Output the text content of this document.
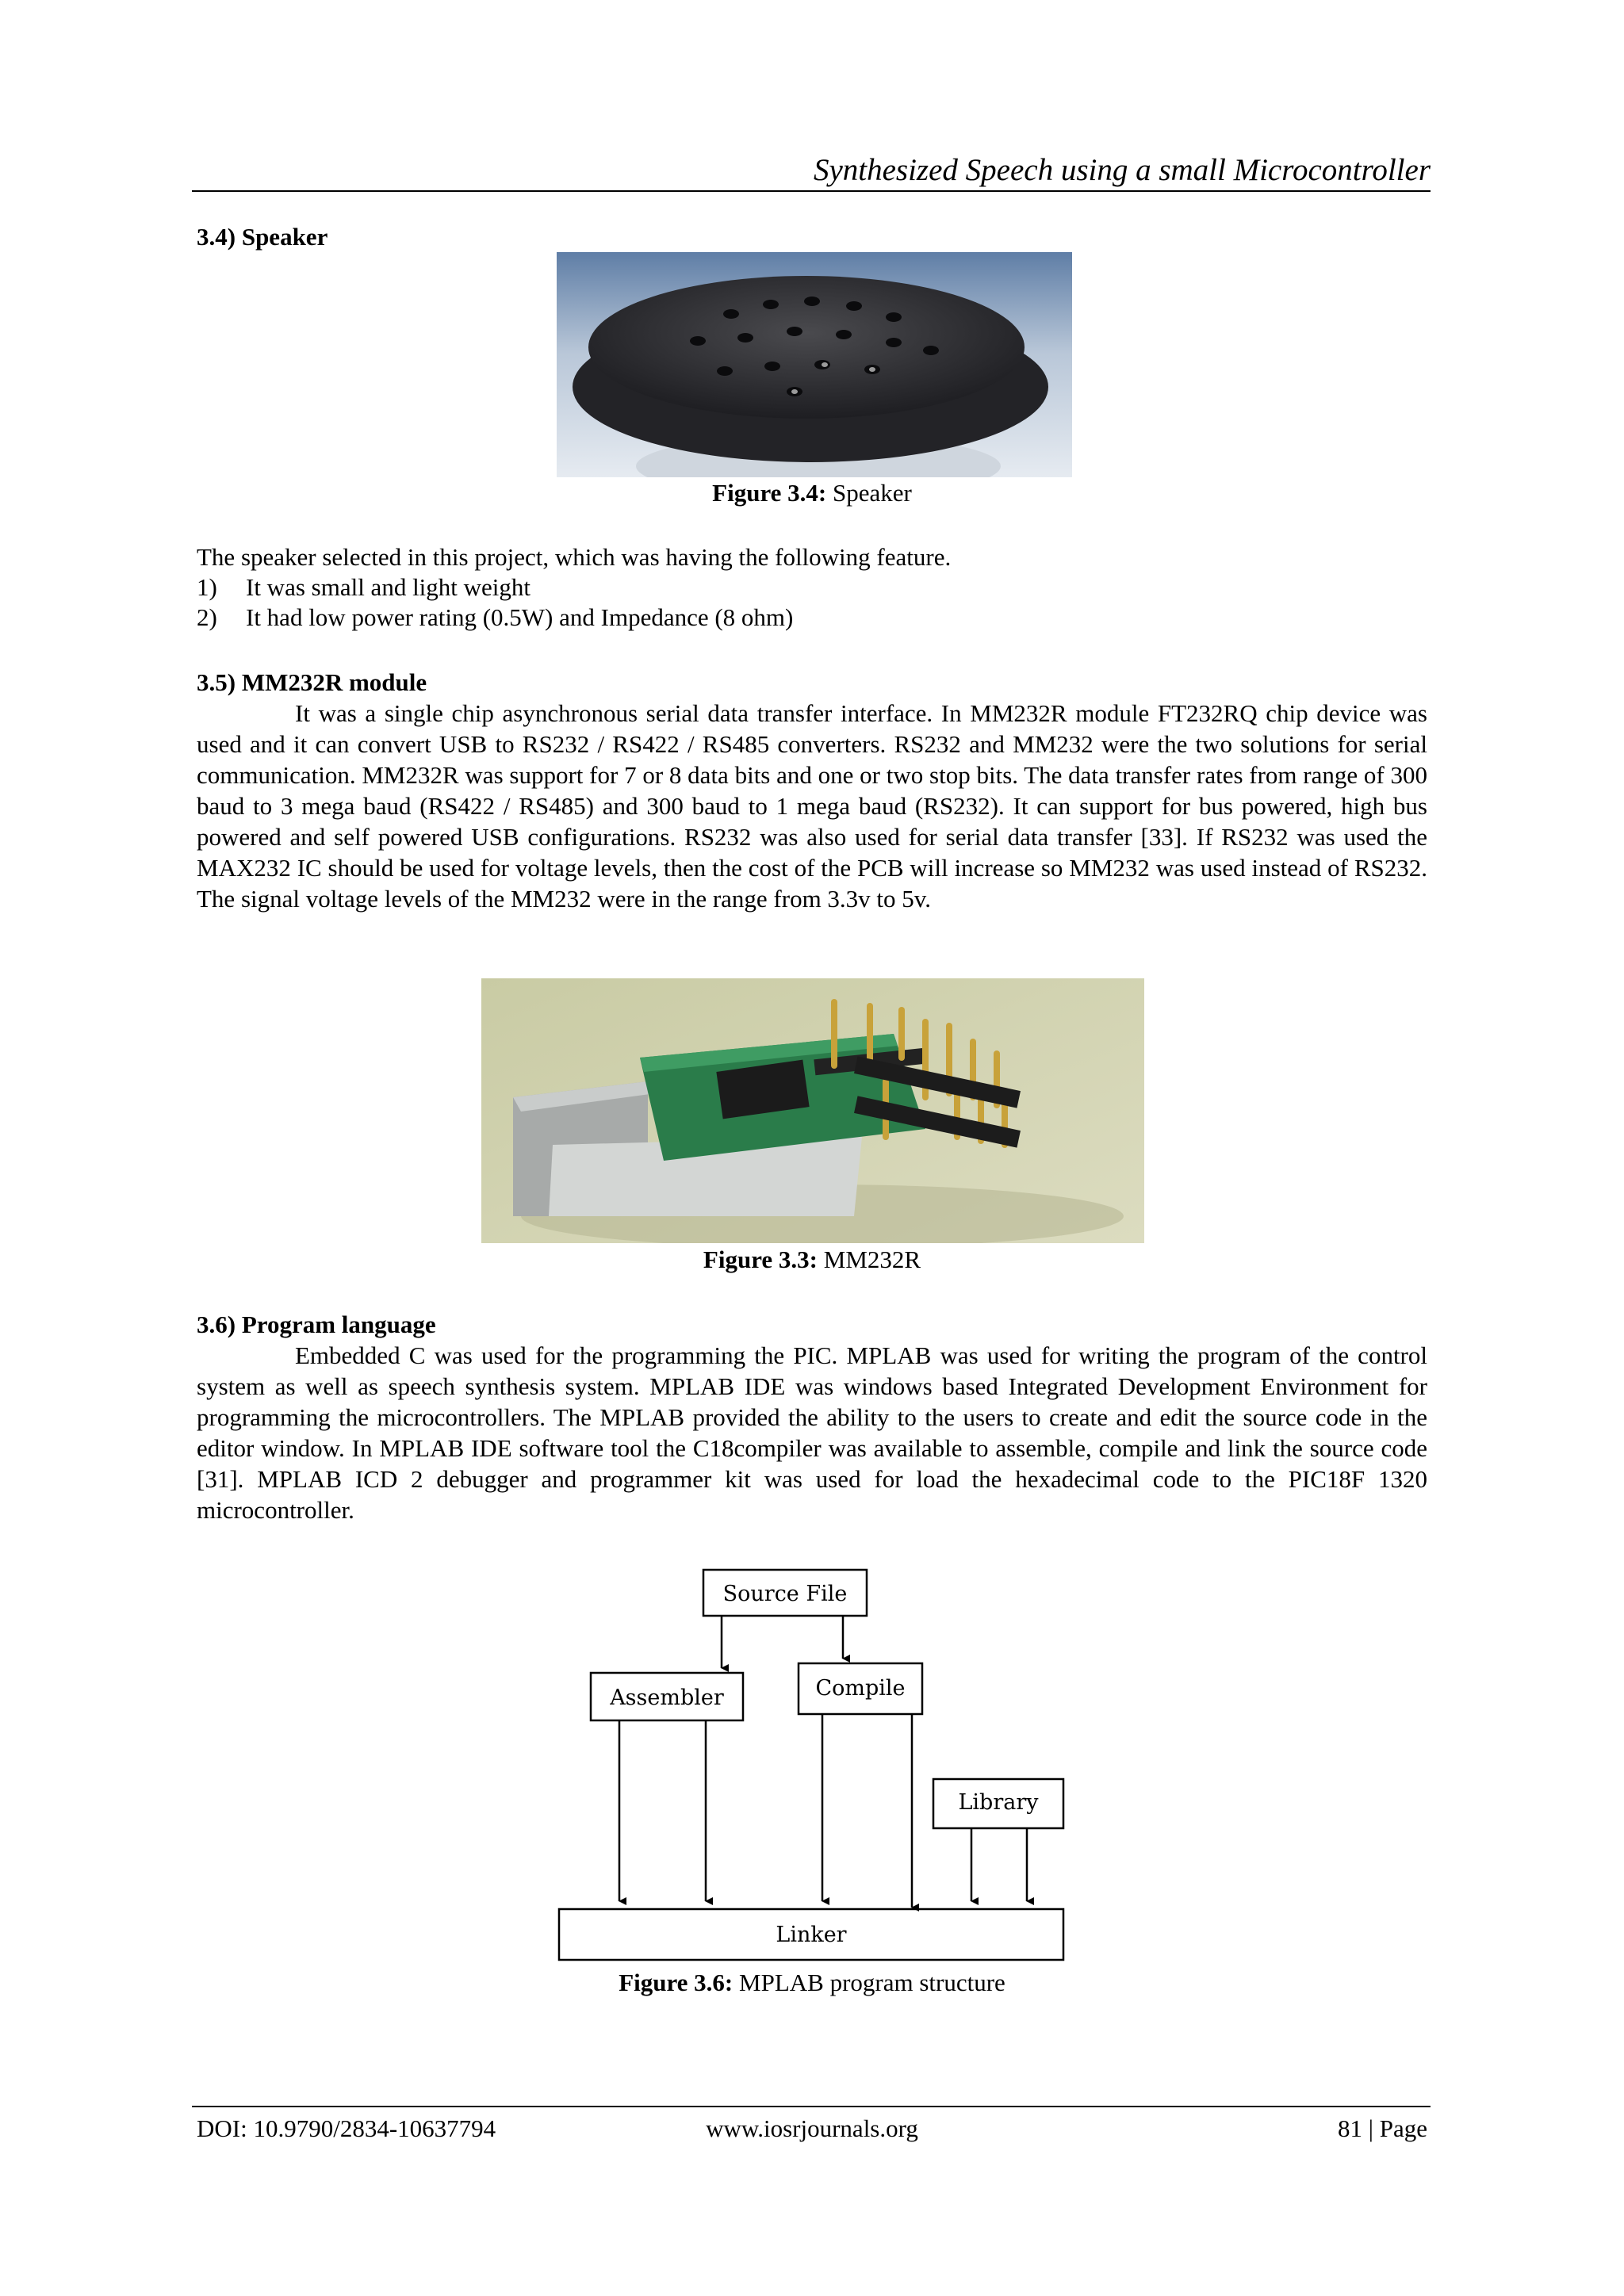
Synthesized Speech using a small Microcontroller
3.4) Speaker
Figure 3.4: Speaker
The speaker selected in this project, which was having the following feature.
1) It was small and light weight
2) It had low power rating (0.5W) and Impedance (8 ohm)
3.5) MM232R module

It was a single chip asynchronous serial data transfer interface. In MM232R module FT232RQ chip device was used and it can convert USB to RS232 / RS422 / RS485 converters. RS232 and MM232 were the two solutions for serial communication. MM232R was support for 7 or 8 data bits and one or two stop bits. The data transfer rates from range of 300 baud to 3 mega baud (RS422 / RS485) and 300 baud to 1 mega baud (RS232). It can support for bus powered, high bus powered and self powered USB configurations. RS232 was also used for serial data transfer [33]. If RS232 was used the MAX232 IC should be used for voltage levels, then the cost of the PCB will increase so MM232 was used instead of RS232. The signal voltage levels of the MM232 were in the range from 3.3v to 5v.

Figure 3.3: MM232R
3.6) Program language

Embedded C was used for the programming the PIC. MPLAB was used for writing the program of the control system as well as speech synthesis system. MPLAB IDE was windows based Integrated Development Environment for programming the microcontrollers. The MPLAB provided the ability to the users to create and edit the source code in the editor window. In MPLAB IDE software tool the C18compiler was available to assemble, compile and link the source code [31]. MPLAB ICD 2 debugger and programmer kit was used for load the hexadecimal code to the PIC18F 1320 microcontroller.

Source File
Assembler	Compile
Library
Linker
Figure 3.6: MPLAB program structure
DOI: 10.9790/2834-10637794	www.iosrjournals.org	81 | Page
